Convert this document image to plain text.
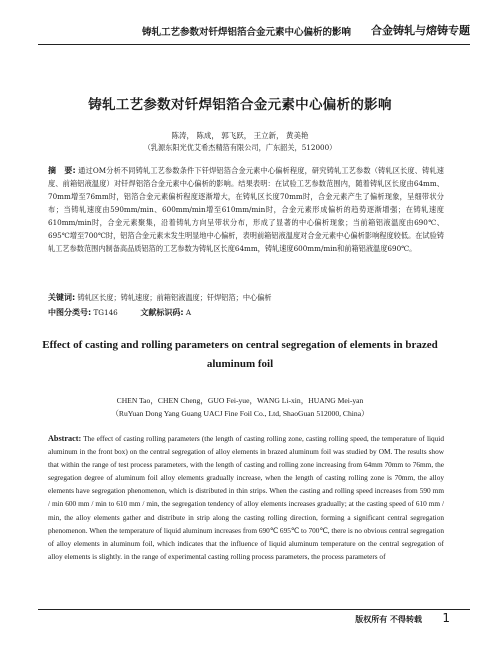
铸轧工艺参数对钎焊铝箔合金元素中心偏析的影响 合金铸轧与熔铸专题
铸轧工艺参数对钎焊铝箔合金元素中心偏析的影响
陈涛， 陈成， 郭飞跃， 王立新， 黄美艳
（乳源东阳光优艾希杰精箔有限公司，广东韶关，512000）
摘　要: 通过OM分析不同铸轧工艺参数条件下钎焊铝箔合金元素中心偏析程度，研究铸轧工艺参数（铸轧区长度、铸轧速度、前箱铝液温度）对钎焊铝箔合金元素中心偏析的影响。结果表明：在试验工艺参数范围内，随着铸轧区长度由64mm、70mm增至76mm时，铝箔合金元素偏析程度逐渐增大，在铸轧区长度70mm时，合金元素产生了偏析现象，呈细带状分布；当铸轧速度由590mm/min、600mm/min增至610mm/min时，合金元素形成偏析的趋势逐渐增强；在铸轧速度610mm/min时，合金元素聚集，沿着铸轧方向呈带状分布，形成了显著的中心偏析现象；当前箱铝液温度由690℃、695℃增至700℃时，铝箔合金元素未发生明显地中心偏析，表明前箱铝液温度对合金元素中心偏析影响程度较低。在试验铸轧工艺参数范围内制备高品质铝箔的工艺参数为铸轧区长度64mm，铸轧速度600mm/min和前箱铝液温度690℃。
关键词: 铸轧区长度；铸轧速度；前箱铝液温度；钎焊铝箔；中心偏析
中图分类号: TG146	文献标识码: A
Effect of casting and rolling parameters on central segregation of elements in brazed aluminum foil
CHEN Tao，CHEN Cheng，GUO Fei-yue，WANG Li-xin，HUANG Mei-yan
（RuYuan Dong Yang Guang UACJ Fine Foil Co., Ltd, ShaoGuan 512000, China）
Abstract: The effect of casting rolling parameters (the length of casting rolling zone, casting rolling speed, the temperature of liquid aluminum in the front box) on the central segregation of alloy elements in brazed aluminum foil was studied by OM. The results show that within the range of test process parameters, with the length of casting and rolling zone increasing from 64mm 70mm to 76mm, the segregation degree of aluminum foil alloy elements gradually increase, when the length of casting rolling zone is 70mm, the alloy elements have segregation phenomenon, which is distributed in thin strips. When the casting and rolling speed increases from 590 mm / min 600 mm / min to 610 mm / min, the segregation tendency of alloy elements increases gradually; at the casting speed of 610 mm / min, the alloy elements gather and distribute in strip along the casting rolling direction, forming a significant central segregation phenomenon. When the temperature of liquid aluminum increases from 690℃ 695℃ to 700℃, there is no obvious central segregation of alloy elements in aluminum foil, which indicates that the influence of liquid aluminum temperature on the central segregation of alloy elements is slightly. in the range of experimental casting rolling process parameters, the process parameters of
版权所有 不得转载 1
